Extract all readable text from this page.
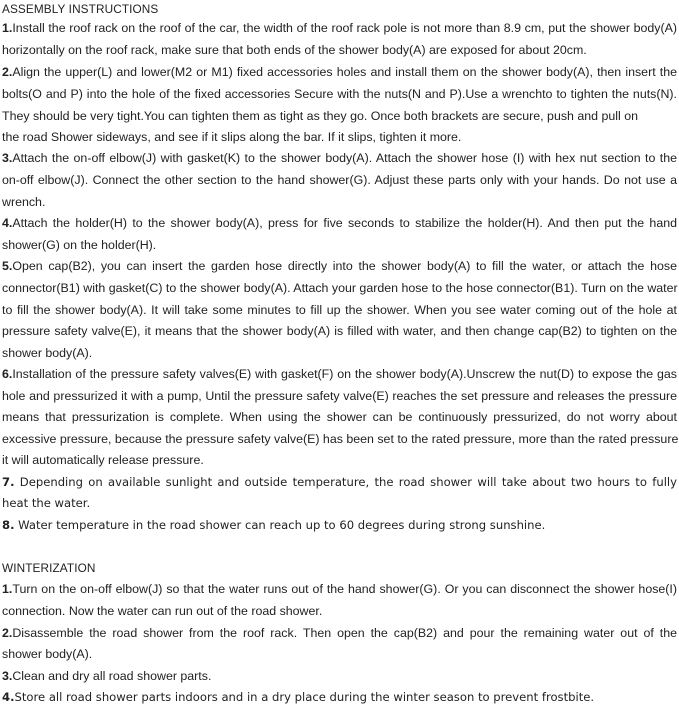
ASSEMBLY INSTRUCTIONS
1.Install the roof rack on the roof of the car, the width of the roof rack pole is not more than 8.9 cm, put the shower body(A)
horizontally on the roof rack, make sure that both ends of the shower body(A) are exposed for about 20cm.
2.Align the upper(L) and lower(M2 or M1) fixed accessories holes and install them on the shower body(A), then insert the
bolts(O and P) into the hole of the fixed accessories Secure with the nuts(N and P).Use a wrenchto to tighten the nuts(N).
They should be very tight.You can tighten them as tight as they go. Once both brackets are secure, push and pull on
the road Shower sideways, and see if it slips along the bar. If it slips, tighten it more.
3.Attach the on-off elbow(J) with gasket(K) to the shower body(A). Attach the shower hose (I) with hex nut section to the
on-off elbow(J). Connect the other section to the hand shower(G). Adjust these parts only with your hands. Do not use a
wrench.
4.Attach the holder(H) to the shower body(A), press for five seconds to stabilize the holder(H). And then put the hand
shower(G) on the holder(H).
5.Open cap(B2), you can insert the garden hose directly into the shower body(A) to fill the water, or attach the hose
connector(B1) with gasket(C) to the shower body(A). Attach your garden hose to the hose connector(B1). Turn on the water
to fill the shower body(A). It will take some minutes to fill up the shower. When you see water coming out of the hole at
pressure safety valve(E), it means that the shower body(A) is filled with water, and then change cap(B2) to tighten on the
shower body(A).
6.Installation of the pressure safety valves(E) with gasket(F) on the shower body(A).Unscrew the nut(D) to expose the gas
hole and pressurized it with a pump, Until the pressure safety valve(E) reaches the set pressure and releases the pressure
means that pressurization is complete. When using the shower can be continuously pressurized, do not worry about
excessive pressure, because the pressure safety valve(E) has been set to the rated pressure, more than the rated pressure
it will automatically release pressure.
7. Depending on available sunlight and outside temperature, the road shower will take about two hours to fully
heat the water.
8. Water temperature in the road shower can reach up to 60 degrees during strong sunshine.
WINTERIZATION
1.Turn on the on-off elbow(J) so that the water runs out of the hand shower(G). Or you can disconnect the shower hose(I)
connection. Now the water can run out of the road shower.
2.Disassemble the road shower from the roof rack. Then open the cap(B2) and pour the remaining water out of the
shower body(A).
3.Clean and dry all road shower parts.
4.Store all road shower parts indoors and in a dry place during the winter season to prevent frostbite.
